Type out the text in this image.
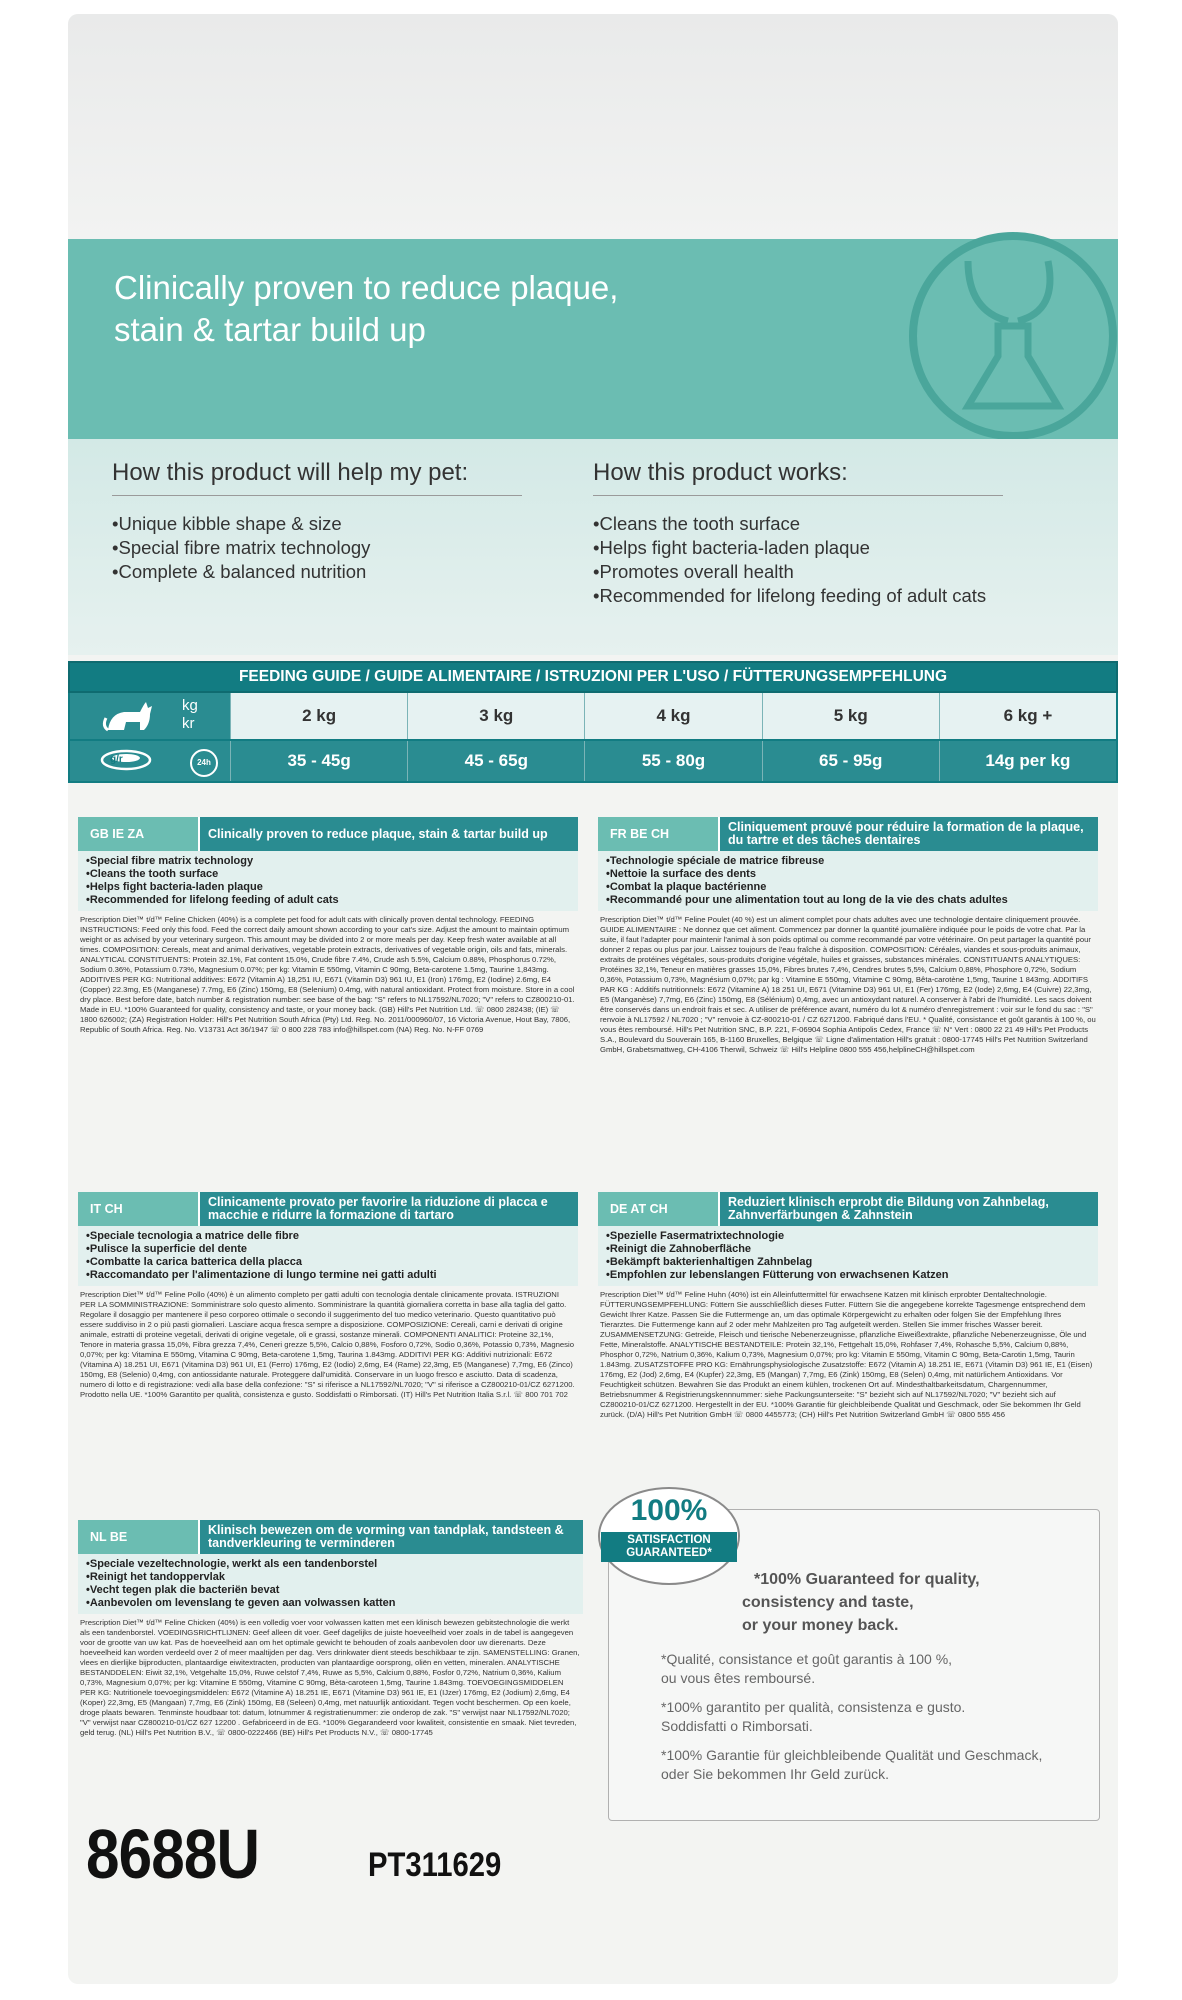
Clinically proven to reduce plaque,
stain & tartar build up
How this product will help my pet:
• Unique kibble shape & size
• Special fibre matrix technology
• Complete & balanced nutrition
How this product works:
• Cleans the tooth surface
• Helps fight bacteria-laden plaque
• Promotes overall health
• Recommended for lifelong feeding of adult cats
FEEDING GUIDE / GUIDE ALIMENTAIRE / ISTRUZIONI PER L'USO / FÜTTERUNGSEMPFEHLUNG
kg
kr	2 kg	3 kg	4 kg	5 kg	6 kg +
g/r	24h	35 - 45g	45 - 65g	55 - 80g	65 - 95g	14g per kg
GB IE ZA	Clinically proven to reduce plaque, stain & tartar build up
• Special fibre matrix technology
• Cleans the tooth surface
• Helps fight bacteria-laden plaque
• Recommended for lifelong feeding of adult cats
Prescription Diet™ t/d™ Feline Chicken (40%) is a complete pet food for adult cats with clinically proven dental technology. FEEDING INSTRUCTIONS: Feed only this food. Feed the correct daily amount shown according to your cat's size. Adjust the amount to maintain optimum weight or as advised by your veterinary surgeon. This amount may be divided into 2 or more meals per day. Keep fresh water available at all times. COMPOSITION: Cereals, meat and animal derivatives, vegetable protein extracts, derivatives of vegetable origin, oils and fats, minerals. ANALYTICAL CONSTITUENTS: Protein 32.1%, Fat content 15.0%, Crude fibre 7.4%, Crude ash 5.5%, Calcium 0.88%, Phosphorus 0.72%, Sodium 0.36%, Potassium 0.73%, Magnesium 0.07%; per kg: Vitamin E 550mg, Vitamin C 90mg, Beta-carotene 1.5mg, Taurine 1,843mg. ADDITIVES PER KG: Nutritional additives: E672 (Vitamin A) 18,251 IU, E671 (Vitamin D3) 961 IU, E1 (Iron) 176mg, E2 (Iodine) 2.6mg, E4 (Copper) 22.3mg, E5 (Manganese) 7.7mg, E6 (Zinc) 150mg, E8 (Selenium) 0.4mg, with natural antioxidant. Protect from moisture. Store in a cool dry place. Best before date, batch number & registration number: see base of the bag: "S" refers to NL17592/NL7020; "V" refers to CZ800210-01. Made in EU. *100% Guaranteed for quality, consistency and taste, or your money back. (GB) Hill's Pet Nutrition Ltd. ☏ 0800 282438; (IE) ☏ 1800 626002; (ZA) Registration Holder: Hill's Pet Nutrition South Africa (Pty) Ltd. Reg. No. 2011/000960/07, 16 Victoria Avenue, Hout Bay, 7806, Republic of South Africa. Reg. No. V13731 Act 36/1947 ☏ 0 800 228 783 info@hillspet.com (NA) Reg. No. N-FF 0769
FR BE CH	Cliniquement prouvé pour réduire la formation de la plaque, du tartre et des tâches dentaires
• Technologie spéciale de matrice fibreuse
• Nettoie la surface des dents
• Combat la plaque bactérienne
• Recommandé pour une alimentation tout au long de la vie des chats adultes
Prescription Diet™ t/d™ Feline Poulet (40 %) est un aliment complet pour chats adultes avec une technologie dentaire cliniquement prouvée. GUIDE ALIMENTAIRE : Ne donnez que cet aliment. Commencez par donner la quantité journalière indiquée pour le poids de votre chat. Par la suite, il faut l'adapter pour maintenir l'animal à son poids optimal ou comme recommandé par votre vétérinaire. On peut partager la quantité pour donner 2 repas ou plus par jour. Laissez toujours de l'eau fraîche à disposition. COMPOSITION: Céréales, viandes et sous-produits animaux, extraits de protéines végétales, sous-produits d'origine végétale, huiles et graisses, substances minérales. CONSTITUANTS ANALYTIQUES: Protéines 32,1%, Teneur en matières grasses 15,0%, Fibres brutes 7,4%, Cendres brutes 5,5%, Calcium 0,88%, Phosphore 0,72%, Sodium 0,36%, Potassium 0,73%, Magnésium 0,07%; par kg : Vitamine E 550mg, Vitamine C 90mg, Bêta-carotène 1,5mg, Taurine 1 843mg. ADDITIFS PAR KG : Additifs nutritionnels: E672 (Vitamine A) 18 251 UI, E671 (Vitamine D3) 961 UI, E1 (Fer) 176mg, E2 (Iode) 2,6mg, E4 (Cuivre) 22,3mg, E5 (Manganèse) 7,7mg, E6 (Zinc) 150mg, E8 (Sélénium) 0,4mg, avec un antioxydant naturel. A conserver à l'abri de l'humidité. Les sacs doivent être conservés dans un endroit frais et sec. A utiliser de préférence avant, numéro du lot & numéro d'enregistrement : voir sur le fond du sac : "S" renvoie à NL17592 / NL7020 ; "V" renvoie à CZ-800210-01 / CZ 6271200. Fabriqué dans l'EU. * Qualité, consistance et goût garantis à 100 %, ou vous êtes remboursé. Hill's Pet Nutrition SNC, B.P. 221, F-06904 Sophia Antipolis Cedex, France ☏ N° Vert : 0800 22 21 49 Hill's Pet Products S.A., Boulevard du Souverain 165, B-1160 Bruxelles, Belgique ☏ Ligne d'alimentation Hill's gratuit : 0800-17745 Hill's Pet Nutrition Switzerland GmbH, Grabetsmattweg, CH-4106 Therwil, Schweiz ☏ Hill's Helpline 0800 555 456,helplineCH@hillspet.com
IT CH	Clinicamente provato per favorire la riduzione di placca e macchie e ridurre la formazione di tartaro
• Speciale tecnologia a matrice delle fibre
• Pulisce la superficie del dente
• Combatte la carica batterica della placca
• Raccomandato per l'alimentazione di lungo termine nei gatti adulti
Prescription Diet™ t/d™ Feline Pollo (40%) è un alimento completo per gatti adulti con tecnologia dentale clinicamente provata. ISTRUZIONI PER LA SOMMINISTRAZIONE: Somministrare solo questo alimento. Somministrare la quantità giornaliera corretta in base alla taglia del gatto. Regolare il dosaggio per mantenere il peso corporeo ottimale o secondo il suggerimento del tuo medico veterinario. Questo quantitativo può essere suddiviso in 2 o più pasti giornalieri. Lasciare acqua fresca sempre a disposizione. COMPOSIZIONE: Cereali, carni e derivati di origine animale, estratti di proteine vegetali, derivati di origine vegetale, oli e grassi, sostanze minerali. COMPONENTI ANALITICI: Proteine 32,1%, Tenore in materia grassa 15,0%, Fibra grezza 7,4%, Ceneri grezze 5,5%, Calcio 0,88%, Fosforo 0,72%, Sodio 0,36%, Potassio 0,73%, Magnesio 0,07%; per kg: Vitamina E 550mg, Vitamina C 90mg, Beta-carotene 1,5mg, Taurina 1.843mg. ADDITIVI PER KG: Additivi nutrizionali: E672 (Vitamina A) 18.251 UI, E671 (Vitamina D3) 961 UI, E1 (Ferro) 176mg, E2 (Iodio) 2,6mg, E4 (Rame) 22,3mg, E5 (Manganese) 7,7mg, E6 (Zinco) 150mg, E8 (Selenio) 0,4mg, con antiossidante naturale. Proteggere dall'umidità. Conservare in un luogo fresco e asciutto. Data di scadenza, numero di lotto e di registrazione: vedi alla base della confezione: "S" si riferisce a NL17592/NL7020; "V" si riferisce a CZ800210-01/CZ 6271200. Prodotto nella UE. *100% Garantito per qualità, consistenza e gusto. Soddisfatti o Rimborsati. (IT) Hill's Pet Nutrition Italia S.r.l. ☏ 800 701 702
DE AT CH	Reduziert klinisch erprobt die Bildung von Zahnbelag, Zahnverfärbungen & Zahnstein
• Spezielle Fasermatrixtechnologie
• Reinigt die Zahnoberfläche
• Bekämpft bakterienhaltigen Zahnbelag
• Empfohlen zur lebenslangen Fütterung von erwachsenen Katzen
Prescription Diet™ t/d™ Feline Huhn (40%) ist ein Alleinfuttermittel für erwachsene Katzen mit klinisch erprobter Dentaltechnologie. FÜTTERUNGSEMPFEHLUNG: Füttern Sie ausschließlich dieses Futter. Füttern Sie die angegebene korrekte Tagesmenge entsprechend dem Gewicht Ihrer Katze. Passen Sie die Futtermenge an, um das optimale Körpergewicht zu erhalten oder folgen Sie der Empfehlung Ihres Tierarztes. Die Futtermenge kann auf 2 oder mehr Mahlzeiten pro Tag aufgeteilt werden. Stellen Sie immer frisches Wasser bereit. ZUSAMMENSETZUNG: Getreide, Fleisch und tierische Nebenerzeugnisse, pflanzliche Eiweißextrakte, pflanzliche Nebenerzeugnisse, Öle und Fette, Mineralstoffe. ANALYTISCHE BESTANDTEILE: Protein 32,1%, Fettgehalt 15,0%, Rohfaser 7,4%, Rohasche 5,5%, Calcium 0,88%, Phosphor 0,72%, Natrium 0,36%, Kalium 0,73%, Magnesium 0,07%; pro kg: Vitamin E 550mg, Vitamin C 90mg, Beta-Carotin 1,5mg, Taurin 1.843mg. ZUSATZSTOFFE PRO KG: Ernährungsphysiologische Zusatzstoffe: E672 (Vitamin A) 18.251 IE, E671 (Vitamin D3) 961 IE, E1 (Eisen) 176mg, E2 (Jod) 2,6mg, E4 (Kupfer) 22,3mg, E5 (Mangan) 7,7mg, E6 (Zink) 150mg, E8 (Selen) 0,4mg, mit natürlichem Antioxidans. Vor Feuchtigkeit schützen. Bewahren Sie das Produkt an einem kühlen, trockenen Ort auf. Mindesthaltbarkeitsdatum, Chargennummer, Betriebsnummer & Registrierungskennnummer: siehe Packungsunterseite: "S" bezieht sich auf NL17592/NL7020; "V" bezieht sich auf CZ800210-01/CZ 6271200. Hergestellt in der EU. *100% Garantie für gleichbleibende Qualität und Geschmack, oder Sie bekommen Ihr Geld zurück. (D/A) Hill's Pet Nutrition GmbH ☏ 0800 4455773; (CH) Hill's Pet Nutrition Switzerland GmbH ☏ 0800 555 456
NL BE	Klinisch bewezen om de vorming van tandplak, tandsteen & tandverkleuring te verminderen
• Speciale vezeltechnologie, werkt als een tandenborstel
• Reinigt het tandoppervlak
• Vecht tegen plak die bacteriën bevat
• Aanbevolen om levenslang te geven aan volwassen katten
Prescription Diet™ t/d™ Feline Chicken (40%) is een volledig voer voor volwassen katten met een klinisch bewezen gebitstechnologie die werkt als een tandenborstel. VOEDINGSRICHTLIJNEN: Geef alleen dit voer. Geef dagelijks de juiste hoeveelheid voer zoals in de tabel is aangegeven voor de grootte van uw kat. Pas de hoeveelheid aan om het optimale gewicht te behouden of zoals aanbevolen door uw dierenarts. Deze hoeveelheid kan worden verdeeld over 2 of meer maaltijden per dag. Vers drinkwater dient steeds beschikbaar te zijn. SAMENSTELLING: Granen, vlees en dierlijke bijproducten, plantaardige eiwitextracten, producten van plantaardige oorsprong, oliën en vetten, mineralen. ANALYTISCHE BESTANDDELEN: Eiwit 32,1%, Vetgehalte 15,0%, Ruwe celstof 7,4%, Ruwe as 5,5%, Calcium 0,88%, Fosfor 0,72%, Natrium 0,36%, Kalium 0,73%, Magnesium 0,07%; per kg: Vitamine E 550mg, Vitamine C 90mg, Bèta-caroteen 1,5mg, Taurine 1.843mg. TOEVOEGINGSMIDDELEN PER KG: Nutritionele toevoegingsmiddelen: E672 (Vitamine A) 18.251 IE, E671 (Vitamine D3) 961 IE, E1 (IJzer) 176mg, E2 (Jodium) 2,6mg, E4 (Koper) 22,3mg, E5 (Mangaan) 7,7mg, E6 (Zink) 150mg, E8 (Seleen) 0,4mg, met natuurlijk antioxidant. Tegen vocht beschermen. Op een koele, droge plaats bewaren. Tenminste houdbaar tot: datum, lotnummer & registratienummer: zie onderop de zak. "S" verwijst naar NL17592/NL7020; "V" verwijst naar CZ800210-01/CZ 627 12200 . Gefabriceerd in de EG. *100% Gegarandeerd voor kwaliteit, consistentie en smaak. Niet tevreden, geld terug. (NL) Hill's Pet Nutrition B.V., ☏ 0800-0222466 (BE) Hill's Pet Products N.V., ☏ 0800-17745
100%
SATISFACTION
GUARANTEED*
*100% Guaranteed for quality,
consistency and taste,
or your money back.
*Qualité, consistance et goût garantis à 100 %,
ou vous êtes remboursé.
*100% garantito per qualità, consistenza e gusto.
Soddisfatti o Rimborsati.
*100% Garantie für gleichbleibende Qualität und Geschmack,
oder Sie bekommen Ihr Geld zurück.
8688U	PT311629
